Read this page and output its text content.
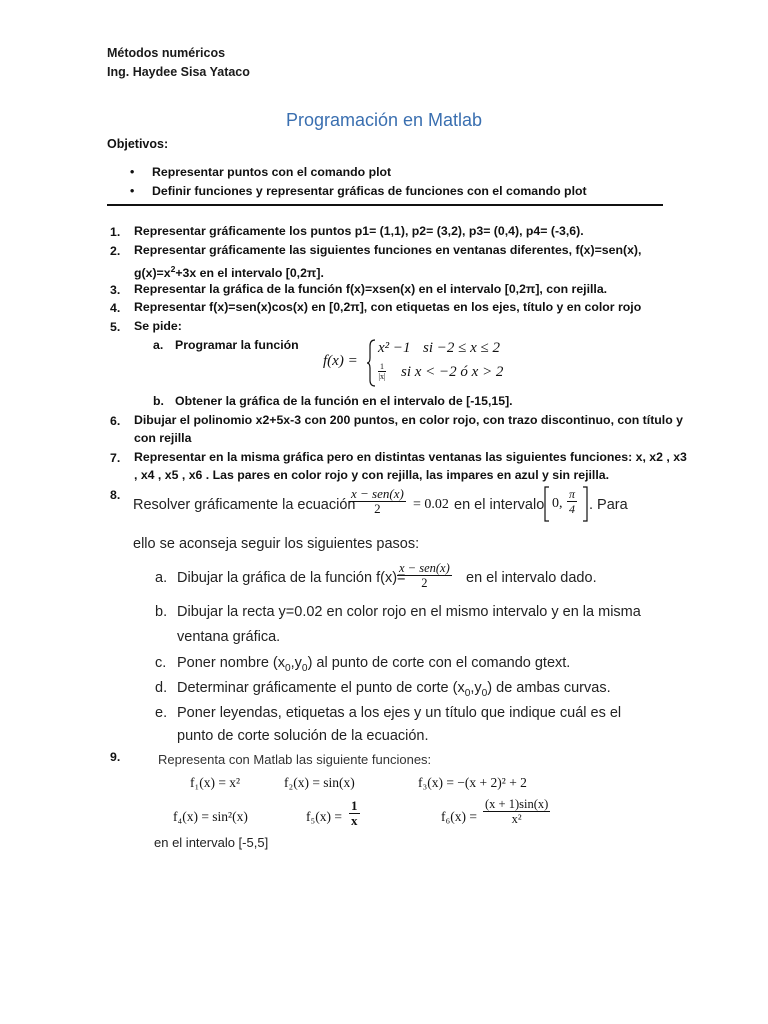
Métodos numéricos
Ing. Haydee Sisa Yataco
Programación en Matlab
Objetivos:
• Representar puntos con el comando plot
• Definir funciones y representar gráficas de funciones con el comando plot
1. Representar gráficamente los puntos p1= (1,1), p2= (3,2), p3= (0,4), p4= (-3,6).
2. Representar gráficamente las siguientes funciones en ventanas diferentes, f(x)=sen(x),
$g(x)=x^2+3x$ en el intervalo [0,2π].
3. Representar la gráfica de la función f(x)=xsen(x) en el intervalo [0,2π], con rejilla.
4. Representar f(x)=sen(x)cos(x) en [0,2π], con etiquetas en los ejes, título y en color rojo
5. Se pide:
a. Programar la función
f(x) =
x² −1 si −2 ≤ x ≤ 2
$\frac{1}{|x|}$ si x < −2 ó x > 2
b. Obtener la gráfica de la función en el intervalo de [-15,15].
6. Dibujar el polinomio x2+5x-3 con 200 puntos, en color rojo, con trazo discontinuo, con título y
con rejilla
7. Representar en la misma gráfica pero en distintas ventanas las siguientes funciones: x, x2 , x3
, x4 , x5 , x6 . Las pares en color rojo y con rejilla, las impares en azul y sin rejilla.
8.
Resolver gráficamente la ecuación
x − sen(x)
2	= 0.02 en el intervalo 0, $\frac{\pi}{4}$ . Para
ello se aconseja seguir los siguientes pasos:
a. Dibujar la gráfica de la función f(x)=
x − sen(x)
2	en el intervalo dado.
b. Dibujar la recta y=0.02 en color rojo en el mismo intervalo y en la misma
ventana gráfica.
c. Poner nombre $(x_0,y_0)$ al punto de corte con el comando gtext.
d. Determinar gráficamente el punto de corte $(x_0,y_0)$ de ambas curvas.
e. Poner leyendas, etiquetas a los ejes y un título que indique cuál es el
punto de corte solución de la ecuación.
9.	Representa con Matlab las siguiente funciones:
f₁(x) = x²	f₂(x) = sin(x)	f₃(x) = −(x + 2)² + 2
f₄(x) = sin²(x)	$f_5(x) = \frac{1}{x}$	$f_6(x) = \frac{(x + 1)\sin(x)}{\text{x²}}$
en el intervalo [-5,5]
